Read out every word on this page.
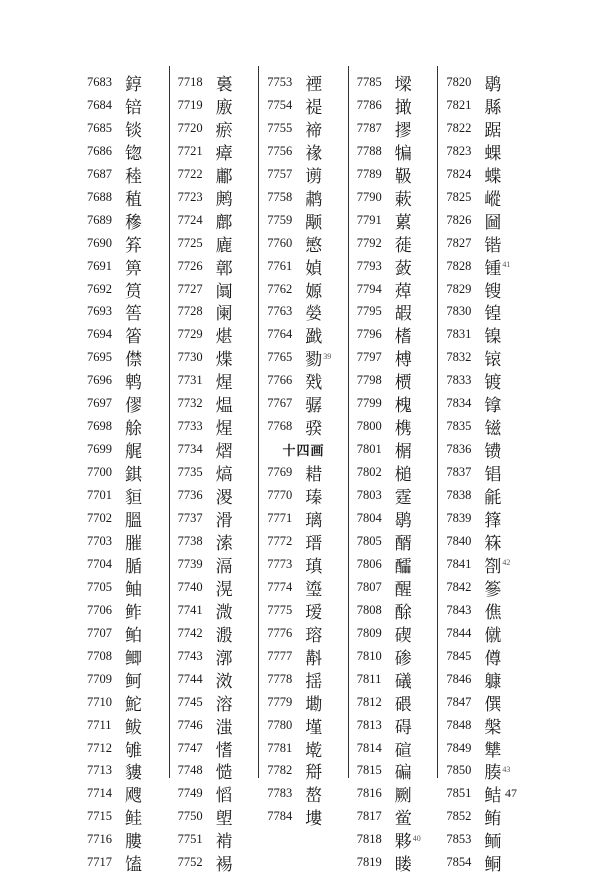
7683 錞
7684 锫
7685 锬
7686 锪
7687 稑
7688 稙
7689 穇
7690 笲
7691 箅
7692 筼
7693 筶
7694 箵
7695 僸
7696 鹎
7697 僇
7698 艅
7699 艉
7700 錤
7701 貆
7702 膃
7703 膗
7704 腯
7705 鲉
7706 鲊
7707 鲌
7708 鲫
7709 鲄
7710 鮀
7711 鲅
7712 雊
7713 貗
7714 飕
7715 鲑
7716 膢
7717 馌
7718 裛
7719 廒
7720 瘀
7721 瘴
7722 鄘
7723 鹒
7724 鄜
7725 廘
7726 鄣
7727 阘
7728 阑
7729 煁
7730 煠
7731 煋
7732 煴
7733 煋
7734 熠
7735 熇
7736 溭
7737 滑
7738 溹
7739 滆
7740 滉
7741 溦
7742 溵
7743 漷
7744 滧
7745 溶
7746 滍
7747 愭
7748 慥
7749 慆
7750 塱
7751 褃
7752 裼
7753 禋
7754 禔
7755 禘
7756 禒
7757 谫
7758 鹔
7759 颙
7760 慜
7761 媜
7762 嫄
7763 嫈
7764 戤
7765 勠$^{39}$
7766 戣
7767 骣
7768 骙
十四画
7769 耤
7770 瑧
7771 璃
7772 瑨
7773 瑱
7774 瑬
7775 瑷
7776 瑢
7777 斠
7778 揺
7779 墈
7780 墐
7781 墘
7782 搿
7783 嶅
7784 塿
7785 墚
7786 撖
7787 摎
7788 犏
7789 靸
7790 蔌
7791 蔂
7792 蓰
7793 蔹
7794 蔊
7795 嘏
7796 榰
7797 榑
7798 槚
7799 槐
7800 槜
7801 榍
7802 槌
7803 霆
7804 鹖
7805 醑
7806 醽
7807 醒
7808 酴
7809 碶
7810 碜
7811 礒
7812 碨
7813 碍
7814 碹
7815 碥
7816 劂
7817 鲎
7818 夥$^{40}$
7819 䁖
7820 鹖
7821 縣
7822 踞
7823 蜾
7824 蝶
7825 嵷
7826 圙
7827 锴
7828 锺$^{41}$
7829 锼
7830 锽
7831 镍
7832 锿
7833 镀
7834 镎
7835 镃
7836 镄
7837 锠
7838 毹
7839 箨
7840 箖
7841 劄$^{42}$
7842 篸
7843 僬
7844 僦
7845 僔
7846 躿
7847 僎
7848 槃
7849 犨
7850 腠$^{43}$
7851 鲒
7852 鲔
7853 鲕
7854 鲖
47
